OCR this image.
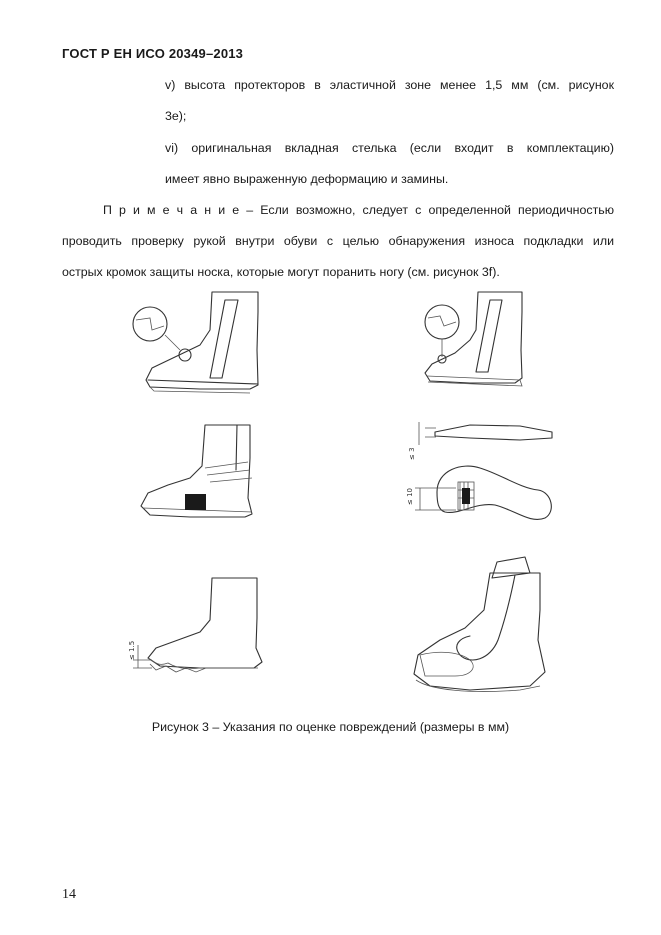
ГОСТ Р ЕН ИСО 20349–2013
v) высота протекторов в эластичной зоне менее 1,5 мм (см. рисунок
3e);
vi) оригинальная вкладная стелька (если входит в комплектацию)
имеет явно выраженную деформацию и замины.
П р и м е ч а н и е – Если возможно, следует с определенной периодичностью
проводить проверку рукой внутри обуви с целью обнаружения износа подкладки или
острых кромок защиты носка, которые могут поранить ногу (см. рисунок 3f).
≤ 3
≤ 10
≤ 1.5
Рисунок 3 – Указания по оценке повреждений (размеры в мм)
14
